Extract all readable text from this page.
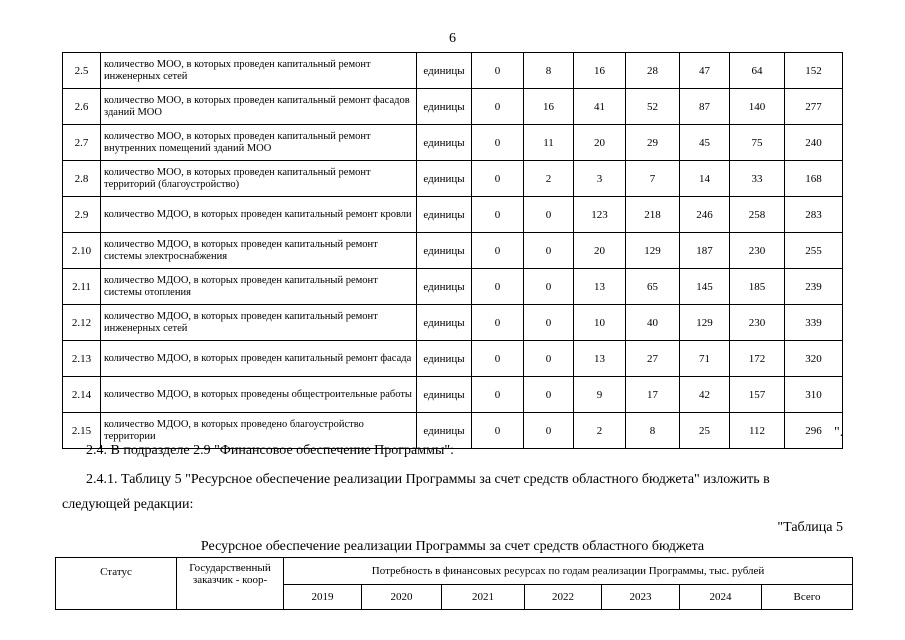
6
2.5	количество МОО, в которых проведен капитальный ремонт инженерных сетей	единицы	0	8	16	28	47	64	152
2.6	количество МОО, в которых проведен капитальный ремонт фасадов зданий МОО	единицы	0	16	41	52	87	140	277
2.7	количество МОО, в которых проведен капитальный ремонт внутренних помещений зданий МОО	единицы	0	11	20	29	45	75	240
2.8	количество МОО, в которых проведен капитальный ремонт территорий (благоустройство)	единицы	0	2	3	7	14	33	168
2.9	количество МДОО, в которых проведен капитальный ремонт кровли	единицы	0	0	123	218	246	258	283
2.10	количество МДОО, в которых проведен капитальный ремонт системы электроснабжения	единицы	0	0	20	129	187	230	255
2.11	количество МДОО, в которых проведен капитальный ремонт системы отопления	единицы	0	0	13	65	145	185	239
2.12	количество МДОО, в которых проведен капитальный ремонт инженерных сетей	единицы	0	0	10	40	129	230	339
2.13	количество МДОО, в которых проведен капитальный ремонт фасада	единицы	0	0	13	27	71	172	320
2.14	количество МДОО, в которых проведены общестроительные работы	единицы	0	0	9	17	42	157	310
2.15	количество МДОО, в которых проведено благоустройство территории	единицы	0	0	2	8	25	112	296 ".
2.4. В подразделе 2.9 "Финансовое обеспечение Программы":
2.4.1. Таблицу 5 "Ресурсное обеспечение реализации Программы за счет средств областного бюджета" изложить в
следующей редакции:
"Таблица 5
Ресурсное обеспечение реализации Программы за счет средств областного бюджета
Статус	Государственный заказчик - коор-	Потребность в финансовых ресурсах по годам реализации Программы, тыс. рублей						
		2019	2020	2021	2022	2023	2024	Всего
